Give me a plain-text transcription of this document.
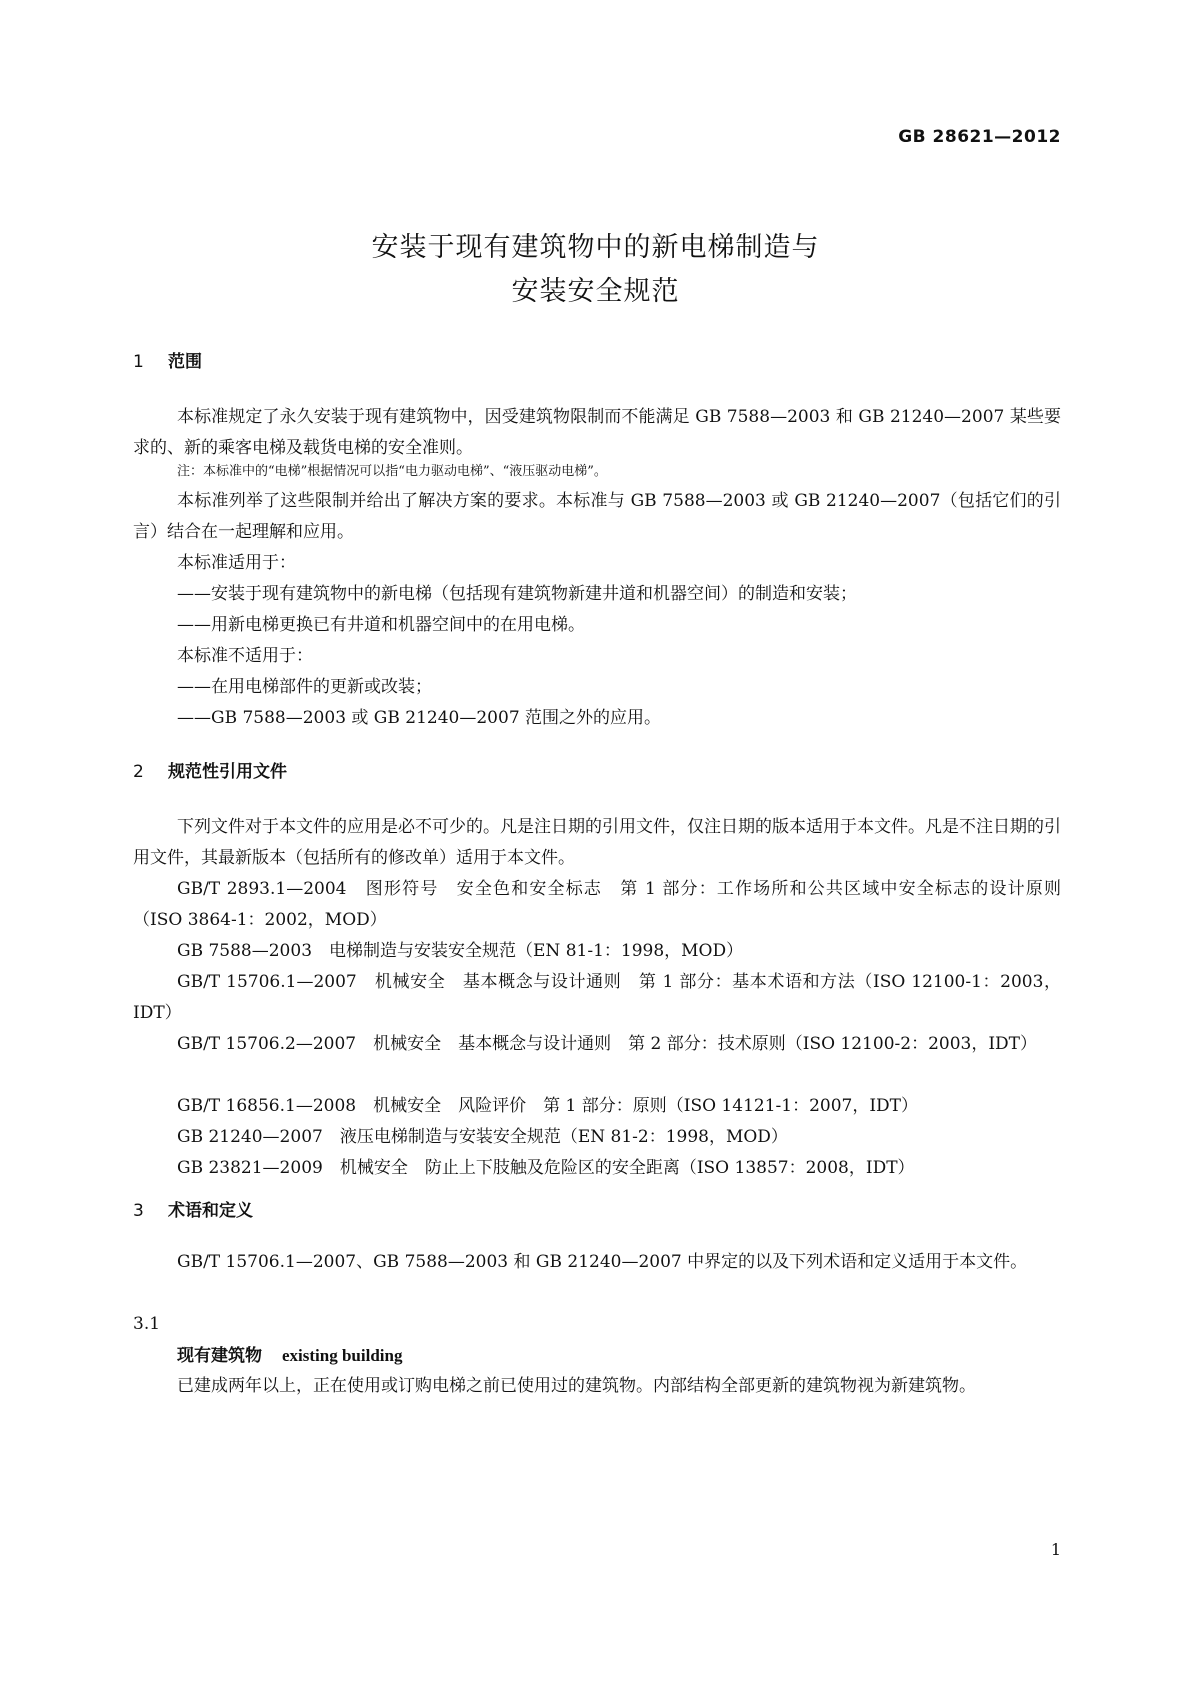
GB 28621—2012
安装于现有建筑物中的新电梯制造与
安装安全规范
1 范围
本标准规定了永久安装于现有建筑物中，因受建筑物限制而不能满足 GB 7588—2003 和 GB 21240—2007 某些要求的、新的乘客电梯及载货电梯的安全准则。
注：本标准中的“电梯”根据情况可以指“电力驱动电梯”、“液压驱动电梯”。
本标准列举了这些限制并给出了解决方案的要求。本标准与 GB 7588—2003 或 GB 21240—2007（包括它们的引言）结合在一起理解和应用。
本标准适用于：
——安装于现有建筑物中的新电梯（包括现有建筑物新建井道和机器空间）的制造和安装；
——用新电梯更换已有井道和机器空间中的在用电梯。
本标准不适用于：
——在用电梯部件的更新或改装；
——GB 7588—2003 或 GB 21240—2007 范围之外的应用。
2 规范性引用文件
下列文件对于本文件的应用是必不可少的。凡是注日期的引用文件，仅注日期的版本适用于本文件。凡是不注日期的引用文件，其最新版本（包括所有的修改单）适用于本文件。
GB/T 2893.1—2004　图形符号　安全色和安全标志　第 1 部分：工作场所和公共区域中安全标志的设计原则（ISO 3864-1：2002，MOD）
GB 7588—2003　电梯制造与安装安全规范（EN 81-1：1998，MOD）
GB/T 15706.1—2007　机械安全　基本概念与设计通则　第 1 部分：基本术语和方法（ISO 12100-1：2003，IDT）
GB/T 15706.2—2007　机械安全　基本概念与设计通则　第 2 部分：技术原则（ISO 12100-2：2003，IDT）
GB/T 16856.1—2008　机械安全　风险评价　第 1 部分：原则（ISO 14121-1：2007，IDT）
GB 21240—2007　液压电梯制造与安装安全规范（EN 81-2：1998，MOD）
GB 23821—2009　机械安全　防止上下肢触及危险区的安全距离（ISO 13857：2008，IDT）
3 术语和定义
GB/T 15706.1—2007、GB 7588—2003 和 GB 21240—2007 中界定的以及下列术语和定义适用于本文件。
3.1
现有建筑物 existing building
已建成两年以上，正在使用或订购电梯之前已使用过的建筑物。内部结构全部更新的建筑物视为新建筑物。
1
